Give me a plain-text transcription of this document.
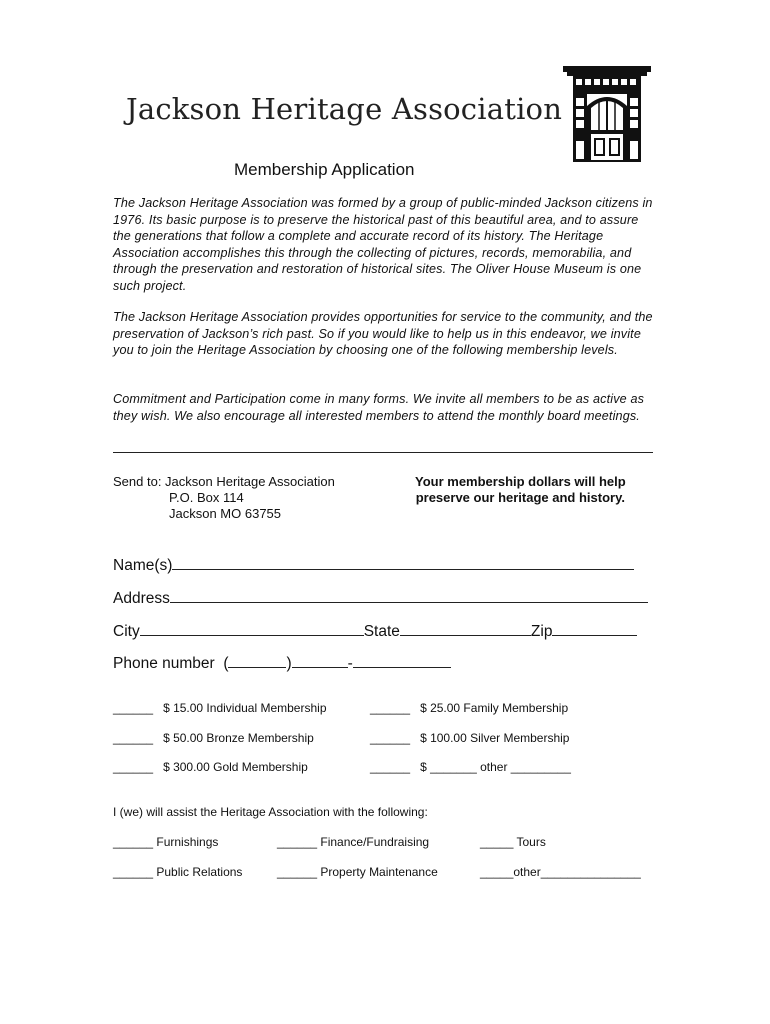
Jackson Heritage Association
Membership Application
The Jackson Heritage Association was formed by a group of public-minded Jackson citizens in 1976. Its basic purpose is to preserve the historical past of this beautiful area, and to assure the generations that follow a complete and accurate record of its history. The Heritage Association accomplishes this through the collecting of pictures, records, memorabilia, and through the preservation and restoration of historical sites. The Oliver House Museum is one such project.
The Jackson Heritage Association provides opportunities for service to the community, and the preservation of Jackson’s rich past. So if you would like to help us in this endeavor, we invite you to join the Heritage Association by choosing one of the following membership levels.
Commitment and Participation come in many forms. We invite all members to be as active as they wish. We also encourage all interested members to attend the monthly board meetings.
Send to: Jackson Heritage Association
P.O. Box 114
Jackson MO 63755
Your membership dollars will help
preserve our heritage and history.
Name(s)
Address
City	State	Zip
Phone number (	)	-
______ $ 15.00 Individual Membership	______ $ 25.00 Family Membership
______ $ 50.00 Bronze Membership	______ $ 100.00 Silver Membership
______ $ 300.00 Gold Membership	______ $ _______ other _________
I (we) will assist the Heritage Association with the following:
______ Furnishings	______ Finance/Fundraising	_____ Tours
______ Public Relations	______ Property Maintenance	_____other_______________
